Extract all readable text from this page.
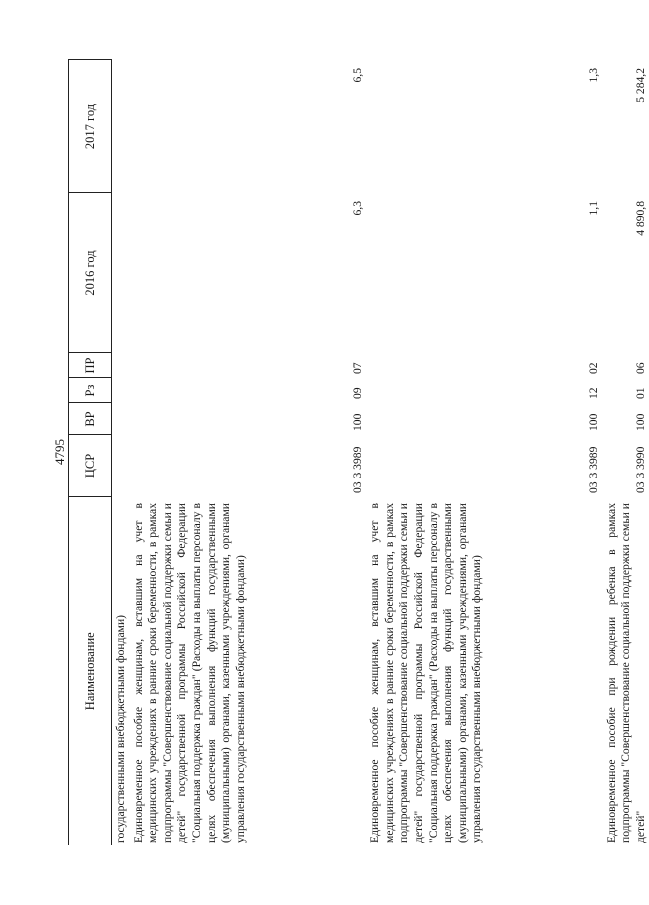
4795
Наименование	ЦСР	ВР	Рз	ПР	2016 год	2017 год
государственными внебюджетными фондами)						
Единовременное пособие женщинам, вставшим на учет в медицинских учреждениях в ранние сроки беременности, в рамках подпрограммы "Совершенствование социальной поддержки семьи и детей" государственной программы Российской Федерации "Социальная поддержка граждан" (Расходы на выплаты персоналу в целях обеспечения выполнения функций государственными (муниципальными) органами, казенными учреждениями, органами управления государственными внебюджетными фондами)	03 3 3989	100	09	07	6,3	6,5
Единовременное пособие женщинам, вставшим на учет в медицинских учреждениях в ранние сроки беременности, в рамках подпрограммы "Совершенствование социальной поддержки семьи и детей" государственной программы Российской Федерации "Социальная поддержка граждан" (Расходы на выплаты персоналу в целях обеспечения выполнения функций государственными (муниципальными) органами, казенными учреждениями, органами управления государственными внебюджетными фондами)	03 3 3989	100	12	02	1,1	1,3
Единовременное пособие при рождении ребенка в рамках подпрограммы "Совершенствование социальной поддержки семьи и детей"	03 3 3990	100	01	06	4 890,8	5 284,2
